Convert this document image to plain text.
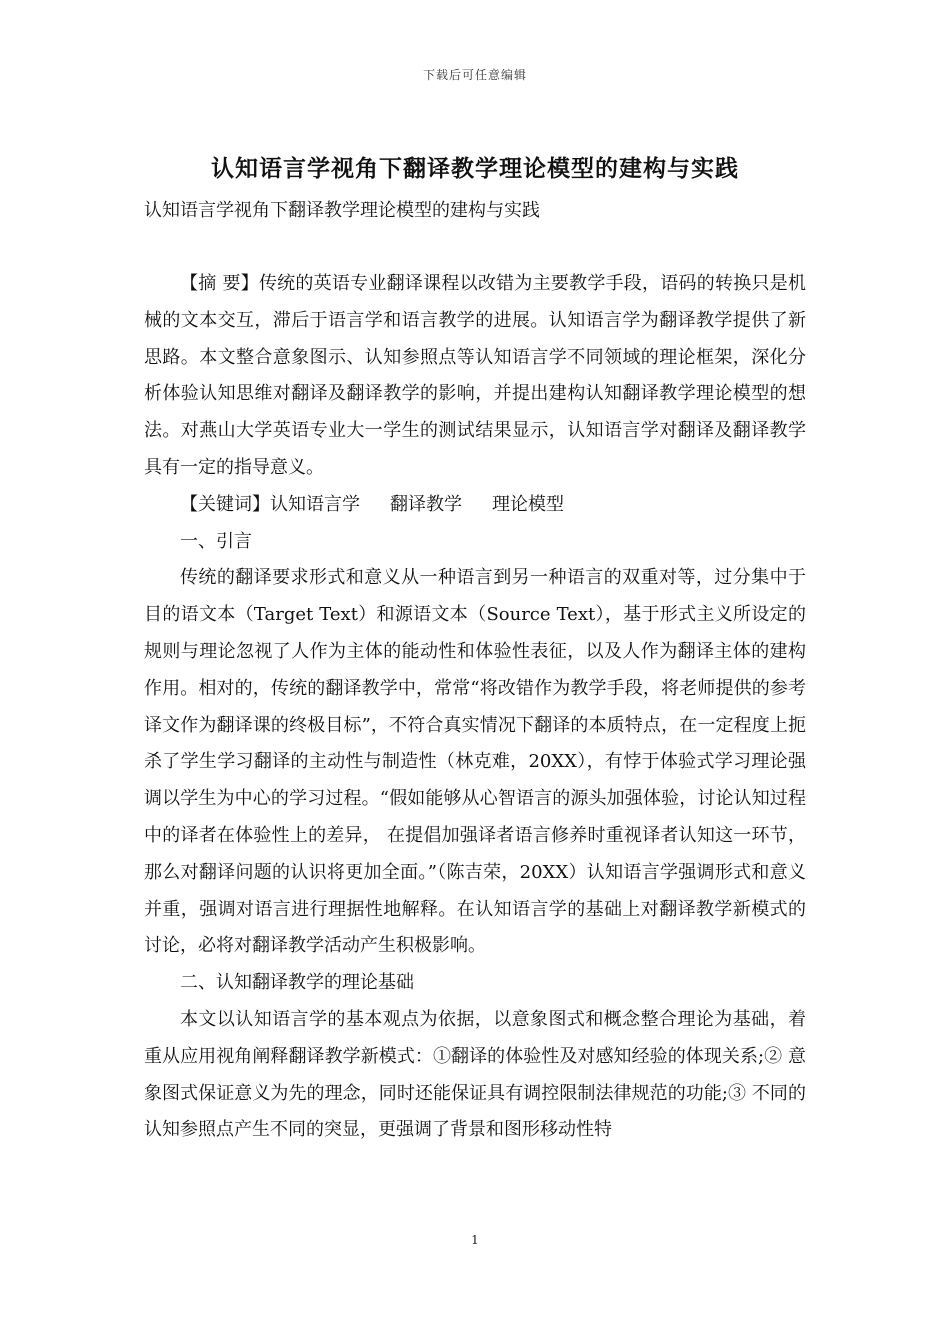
下载后可任意编辑
认知语言学视角下翻译教学理论模型的建构与实践

认知语言学视角下翻译教学理论模型的建构与实践

【摘 要】传统的英语专业翻译课程以改错为主要教学手段，语码的转换只是机械的文本交互，滞后于语言学和语言教学的进展。认知语言学为翻译教学提供了新思路。本文整合意象图示、认知参照点等认知语言学不同领域的理论框架，深化分析体验认知思维对翻译及翻译教学的影响，并提出建构认知翻译教学理论模型的想法。对燕山大学英语专业大一学生的测试结果显示，认知语言学对翻译及翻译教学具有一定的指导意义。

【关键词】认知语言学 翻译教学 理论模型

一、引言

传统的翻译要求形式和意义从一种语言到另一种语言的双重对等，过分集中于目的语文本（Target Text）和源语文本（Source Text），基于形式主义所设定的规则与理论忽视了人作为主体的能动性和体验性表征，以及人作为翻译主体的建构作用。相对的，传统的翻译教学中，常常“将改错作为教学手段，将老师提供的参考译文作为翻译课的终极目标”，不符合真实情况下翻译的本质特点，在一定程度上扼杀了学生学习翻译的主动性与制造性（林克难，20XX），有悖于体验式学习理论强调以学生为中心的学习过程。“假如能够从心智语言的源头加强体验，讨论认知过程中的译者在体验性上的差异， 在提倡加强译者语言修养时重视译者认知这一环节， 那么对翻译问题的认识将更加全面。”（陈吉荣，20XX）认知语言学强调形式和意义并重，强调对语言进行理据性地解释。在认知语言学的基础上对翻译教学新模式的讨论，必将对翻译教学活动产生积极影响。

二、认知翻译教学的理论基础

本文以认知语言学的基本观点为依据，以意象图式和概念整合理论为基础，着重从应用视角阐释翻译教学新模式：①翻译的体验性及对感知经验的体现关系;② 意象图式保证意义为先的理念，同时还能保证具有调控限制法律规范的功能;③ 不同的认知参照点产生不同的突显，更强调了背景和图形移动性特

1
